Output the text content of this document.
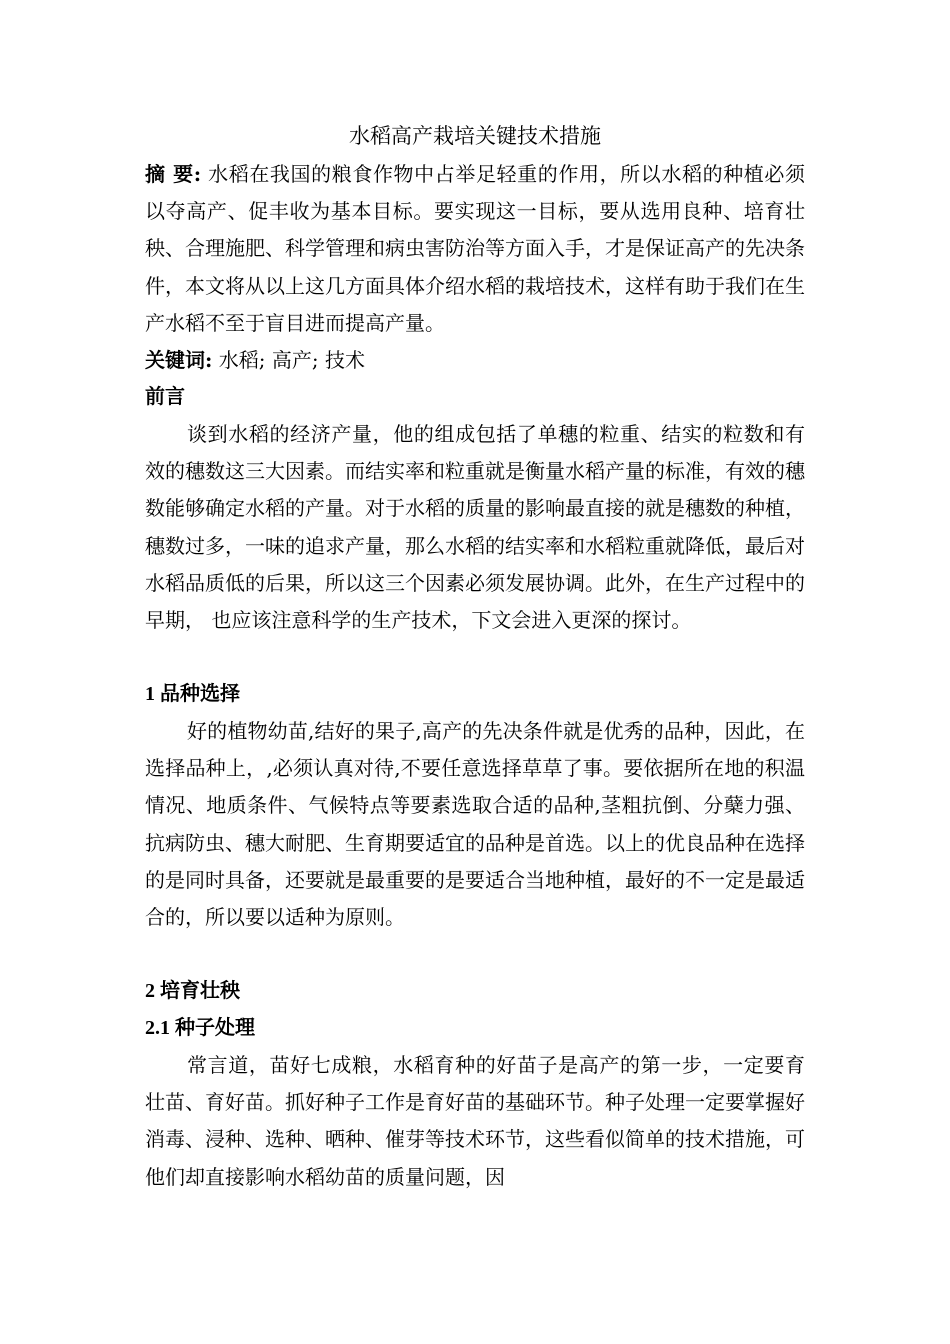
水稻高产栽培关键技术措施
摘 要: 水稻在我国的粮食作物中占举足轻重的作用，所以水稻的种植必须以夺高产、促丰收为基本目标。要实现这一目标，要从选用良种、培育壮秧、合理施肥、科学管理和病虫害防治等方面入手，才是保证高产的先决条件，本文将从以上这几方面具体介绍水稻的栽培技术，这样有助于我们在生产水稻不至于盲目进而提高产量。
关键词: 水稻; 高产; 技术
前言
谈到水稻的经济产量，他的组成包括了单穗的粒重、结实的粒数和有效的穗数这三大因素。而结实率和粒重就是衡量水稻产量的标准，有效的穗数能够确定水稻的产量。对于水稻的质量的影响最直接的就是穗数的种植，穗数过多，一味的追求产量，那么水稻的结实率和水稻粒重就降低，最后对水稻品质低的后果，所以这三个因素必须发展协调。此外，在生产过程中的早期， 也应该注意科学的生产技术，下文会进入更深的探讨。
1 品种选择
好的植物幼苗,结好的果子,高产的先决条件就是优秀的品种，因此，在选择品种上，,必须认真对待,不要任意选择草草了事。要依据所在地的积温情况、地质条件、气候特点等要素选取合适的品种,茎粗抗倒、分蘖力强、抗病防虫、穗大耐肥、生育期要适宜的品种是首选。以上的优良品种在选择的是同时具备，还要就是最重要的是要适合当地种植，最好的不一定是最适合的，所以要以适种为原则。
2 培育壮秧
2.1 种子处理
常言道，苗好七成粮，水稻育种的好苗子是高产的第一步，一定要育壮苗、育好苗。抓好种子工作是育好苗的基础环节。种子处理一定要掌握好消毒、浸种、选种、晒种、催芽等技术环节，这些看似简单的技术措施，可他们却直接影响水稻幼苗的质量问题，因
